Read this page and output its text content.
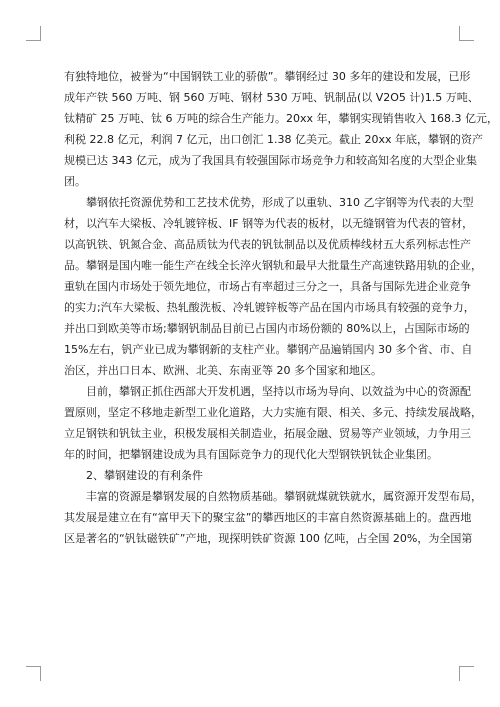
有独特地位，被誉为“中国钢铁工业的骄傲”。攀钢经过 30 多年的建设和发展，已形
成年产铁 560 万吨、钢 560 万吨、钢材 530 万吨、钒制品(以 V2O5 计)1.5 万吨、
钛精矿 25 万吨、钛 6 万吨的综合生产能力。20xx 年，攀钢实现销售收入 168.3 亿元，
利税 22.8 亿元，利润 7 亿元，出口创汇 1.38 亿美元。截止 20xx 年底，攀钢的资产
规模已达 343 亿元，成为了我国具有较强国际市场竞争力和较高知名度的大型企业集
团。
攀钢依托资源优势和工艺技术优势，形成了以重轨、310 乙字钢等为代表的大型
材，以汽车大梁板、冷轧镀锌板、IF 钢等为代表的板材，以无缝钢管为代表的管材，
以高钒铁、钒氮合金、高品质钛为代表的钒钛制品以及优质棒线材五大系列标志性产
品。攀钢是国内唯一能生产在线全长淬火钢轨和最早大批量生产高速铁路用轨的企业，
重轨在国内市场处于领先地位，市场占有率超过三分之一，具备与国际先进企业竞争
的实力;汽车大梁板、热轧酸洗板、冷轧镀锌板等产品在国内市场具有较强的竞争力，
并出口到欧美等市场;攀钢钒制品目前已占国内市场份额的 80%以上，占国际市场的
15%左右，钒产业已成为攀钢新的支柱产业。攀钢产品遍销国内 30 多个省、市、自
治区，并出口日本、欧洲、北美、东南亚等 20 多个国家和地区。
目前，攀钢正抓住西部大开发机遇，坚持以市场为导向、以效益为中心的资源配
置原则，坚定不移地走新型工业化道路，大力实施有限、相关、多元、持续发展战略，
立足钢铁和钒钛主业，积极发展相关制造业，拓展金融、贸易等产业领域，力争用三
年的时间，把攀钢建设成为具有国际竞争力的现代化大型钢铁钒钛企业集团。
2、攀钢建设的有利条件
丰富的资源是攀钢发展的自然物质基础。攀钢就煤就铁就水，属资源开发型布局，
其发展是建立在有“富甲天下的聚宝盆”的攀西地区的丰富自然资源基础上的。盘西地
区是著名的“钒钛磁铁矿”产地，现探明铁矿资源 100 亿吨，占全国 20%，为全国第
